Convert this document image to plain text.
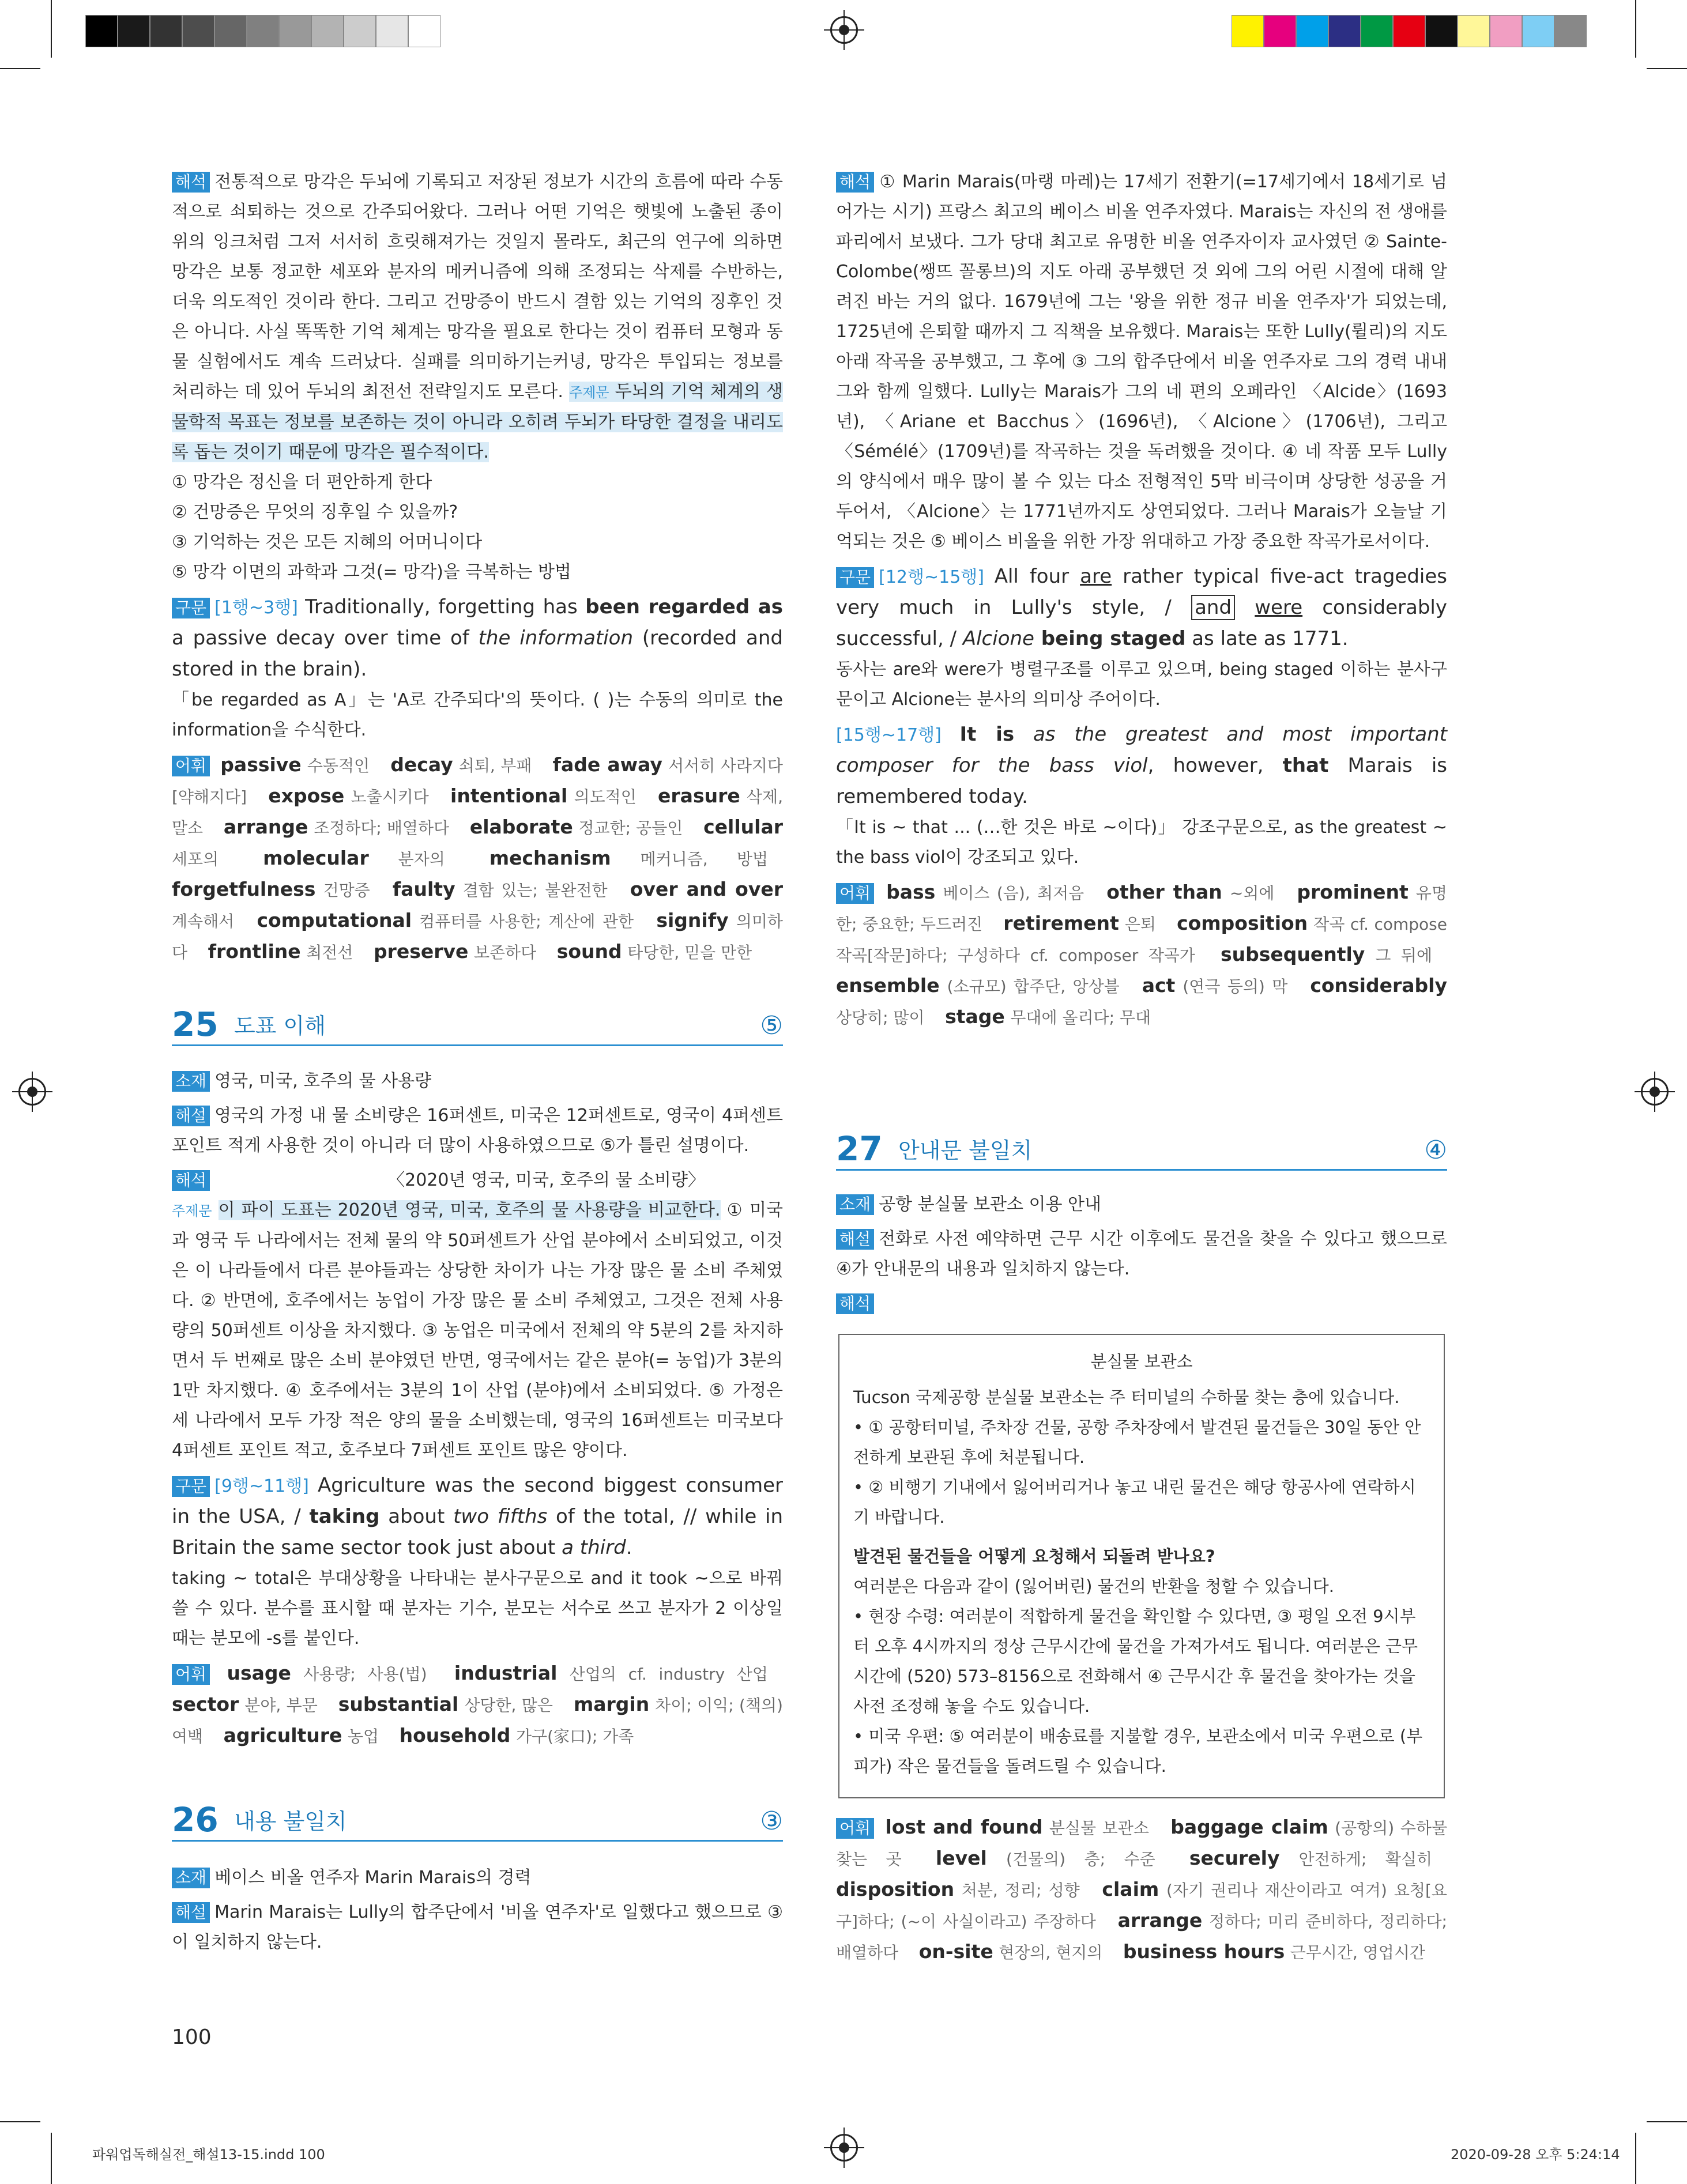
해석 전통적으로 망각은 두뇌에 기록되고 저장된 정보가 시간의 흐름에 따라 수동적으로 쇠퇴하는 것으로 간주되어왔다. 그러나 어떤 기억은 햇빛에 노출된 종이 위의 잉크처럼 그저 서서히 흐릿해져가는 것일지 몰라도, 최근의 연구에 의하면 망각은 보통 정교한 세포와 분자의 메커니즘에 의해 조정되는 삭제를 수반하는, 더욱 의도적인 것이라 한다. 그리고 건망증이 반드시 결함 있는 기억의 징후인 것은 아니다. 사실 똑똑한 기억 체계는 망각을 필요로 한다는 것이 컴퓨터 모형과 동물 실험에서도 계속 드러났다. 실패를 의미하기는커녕, 망각은 투입되는 정보를 처리하는 데 있어 두뇌의 최전선 전략일지도 모른다. 주제문 두뇌의 기억 체계의 생물학적 목표는 정보를 보존하는 것이 아니라 오히려 두뇌가 타당한 결정을 내리도록 돕는 것이기 때문에 망각은 필수적이다.

① 망각은 정신을 더 편안하게 한다

② 건망증은 무엇의 징후일 수 있을까?

③ 기억하는 것은 모든 지혜의 어머니이다

⑤ 망각 이면의 과학과 그것(= 망각)을 극복하는 방법

구문 [1행~3행] Traditionally, forgetting has been regarded as a passive decay over time of the information (recorded and stored in the brain).

「be regarded as A」는 'A로 간주되다'의 뜻이다. ( )는 수동의 의미로 the information을 수식한다.

어휘 passive 수동적인 decay 쇠퇴, 부패 fade away 서서히 사라지다[약해지다] expose 노출시키다 intentional 의도적인 erasure 삭제, 말소 arrange 조정하다; 배열하다 elaborate 정교한; 공들인 cellular 세포의 molecular 분자의 mechanism 메커니즘, 방법 forgetfulness 건망증 faulty 결함 있는; 불완전한 over and over 계속해서 computational 컴퓨터를 사용한; 계산에 관한 signify 의미하다 frontline 최전선 preserve 보존하다 sound 타당한, 믿을 만한

25 도표 이해	⑤

소재 영국, 미국, 호주의 물 사용량

해설 영국의 가정 내 물 소비량은 16퍼센트, 미국은 12퍼센트로, 영국이 4퍼센트 포인트 적게 사용한 것이 아니라 더 많이 사용하였으므로 ⑤가 틀린 설명이다.

해석	〈2020년 영국, 미국, 호주의 물 소비량〉

주제문 이 파이 도표는 2020년 영국, 미국, 호주의 물 사용량을 비교한다. ① 미국과 영국 두 나라에서는 전체 물의 약 50퍼센트가 산업 분야에서 소비되었고, 이것은 이 나라들에서 다른 분야들과는 상당한 차이가 나는 가장 많은 물 소비 주체였다. ② 반면에, 호주에서는 농업이 가장 많은 물 소비 주체였고, 그것은 전체 사용량의 50퍼센트 이상을 차지했다. ③ 농업은 미국에서 전체의 약 5분의 2를 차지하면서 두 번째로 많은 소비 분야였던 반면, 영국에서는 같은 분야(= 농업)가 3분의 1만 차지했다. ④ 호주에서는 3분의 1이 산업 (분야)에서 소비되었다. ⑤ 가정은 세 나라에서 모두 가장 적은 양의 물을 소비했는데, 영국의 16퍼센트는 미국보다 4퍼센트 포인트 적고, 호주보다 7퍼센트 포인트 많은 양이다.

구문 [9행~11행] Agriculture was the second biggest consumer in the USA, / taking about two fifths of the total, // while in Britain the same sector took just about a third.

taking ~ total은 부대상황을 나타내는 분사구문으로 and it took ~으로 바꿔 쓸 수 있다. 분수를 표시할 때 분자는 기수, 분모는 서수로 쓰고 분자가 2 이상일 때는 분모에 -s를 붙인다.

어휘 usage 사용량; 사용(법) industrial 산업의 cf. industry 산업 sector 분야, 부문 substantial 상당한, 많은 margin 차이; 이익; (책의) 여백 agriculture 농업 household 가구(家口); 가족

26 내용 불일치	③

소재 베이스 비올 연주자 Marin Marais의 경력

해설 Marin Marais는 Lully의 합주단에서 '비올 연주자'로 일했다고 했으므로 ③이 일치하지 않는다.

100

해석 ① Marin Marais(마랭 마레)는 17세기 전환기(=17세기에서 18세기로 넘어가는 시기) 프랑스 최고의 베이스 비올 연주자였다. Marais는 자신의 전 생애를 파리에서 보냈다. 그가 당대 최고로 유명한 비올 연주자이자 교사였던 ② Sainte-Colombe(쌩뜨 꼴롱브)의 지도 아래 공부했던 것 외에 그의 어린 시절에 대해 알려진 바는 거의 없다. 1679년에 그는 '왕을 위한 정규 비올 연주자'가 되었는데, 1725년에 은퇴할 때까지 그 직책을 보유했다. Marais는 또한 Lully(륄리)의 지도 아래 작곡을 공부했고, 그 후에 ③ 그의 합주단에서 비올 연주자로 그의 경력 내내 그와 함께 일했다. Lully는 Marais가 그의 네 편의 오페라인 〈Alcide〉(1693년), 〈Ariane et Bacchus〉(1696년), 〈Alcione〉(1706년), 그리고 〈Sémélé〉(1709년)를 작곡하는 것을 독려했을 것이다. ④ 네 작품 모두 Lully의 양식에서 매우 많이 볼 수 있는 다소 전형적인 5막 비극이며 상당한 성공을 거두어서, 〈Alcione〉는 1771년까지도 상연되었다. 그러나 Marais가 오늘날 기억되는 것은 ⑤ 베이스 비올을 위한 가장 위대하고 가장 중요한 작곡가로서이다.

구문 [12행~15행] All four are rather typical five-act tragedies very much in Lully's style, / and were considerably successful, / Alcione being staged as late as 1771.

동사는 are와 were가 병렬구조를 이루고 있으며, being staged 이하는 분사구문이고 Alcione는 분사의 의미상 주어이다.

[15행~17행] It is as the greatest and most important composer for the bass viol, however, that Marais is remembered today.

「It is ~ that ... (…한 것은 바로 ~이다)」 강조구문으로, as the greatest ~ the bass viol이 강조되고 있다.

어휘 bass 베이스 (음), 최저음 other than ~외에 prominent 유명한; 중요한; 두드러진 retirement 은퇴 composition 작곡 cf. compose 작곡[작문]하다; 구성하다 cf. composer 작곡가 subsequently 그 뒤에 ensemble (소규모) 합주단, 앙상블 act (연극 등의) 막 considerably 상당히; 많이 stage 무대에 올리다; 무대

27 안내문 불일치	④

소재 공항 분실물 보관소 이용 안내

해설 전화로 사전 예약하면 근무 시간 이후에도 물건을 찾을 수 있다고 했으므로 ④가 안내문의 내용과 일치하지 않는다.

해석

분실물 보관소

Tucson 국제공항 분실물 보관소는 주 터미널의 수하물 찾는 층에 있습니다.

• ① 공항터미널, 주차장 건물, 공항 주차장에서 발견된 물건들은 30일 동안 안전하게 보관된 후에 처분됩니다.

• ② 비행기 기내에서 잃어버리거나 놓고 내린 물건은 해당 항공사에 연락하시기 바랍니다.

발견된 물건들을 어떻게 요청해서 되돌려 받나요?

여러분은 다음과 같이 (잃어버린) 물건의 반환을 청할 수 있습니다.

• 현장 수령: 여러분이 적합하게 물건을 확인할 수 있다면, ③ 평일 오전 9시부터 오후 4시까지의 정상 근무시간에 물건을 가져가셔도 됩니다. 여러분은 근무시간에 (520) 573–8156으로 전화해서 ④ 근무시간 후 물건을 찾아가는 것을 사전 조정해 놓을 수도 있습니다.

• 미국 우편: ⑤ 여러분이 배송료를 지불할 경우, 보관소에서 미국 우편으로 (부피가) 작은 물건들을 돌려드릴 수 있습니다.

어휘 lost and found 분실물 보관소 baggage claim (공항의) 수하물 찾는 곳 level (건물의) 층; 수준 securely 안전하게; 확실히 disposition 처분, 정리; 성향 claim (자기 권리나 재산이라고 여겨) 요청[요구]하다; (~이 사실이라고) 주장하다 arrange 정하다; 미리 준비하다, 정리하다; 배열하다 on-site 현장의, 현지의 business hours 근무시간, 영업시간

파워업독해실전_해설13-15.indd 100	2020-09-28 오후 5:24:14
